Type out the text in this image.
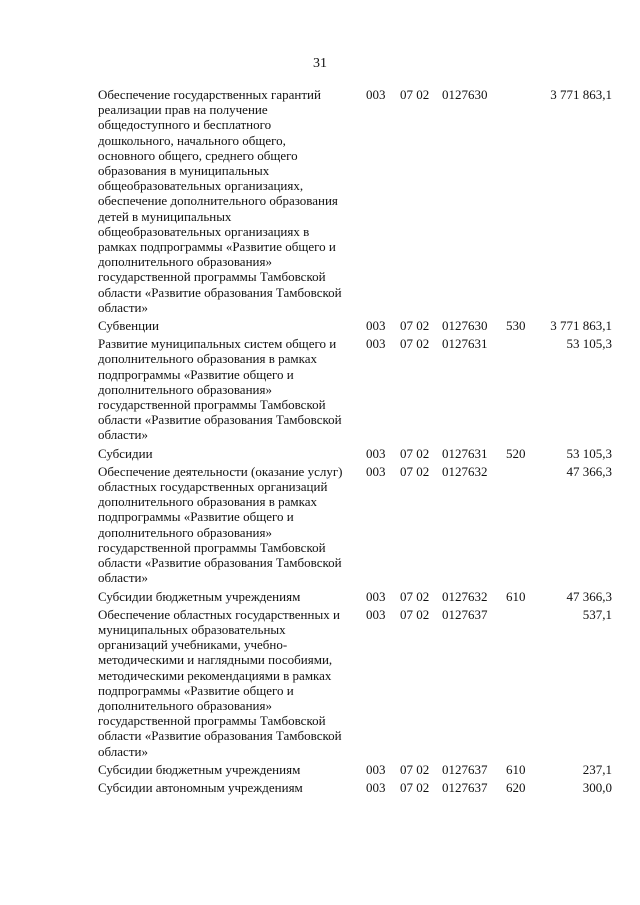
31
Обеспечение государственных гарантий
реализации прав на получение
общедоступного и бесплатного
дошкольного, начального общего,
основного общего, среднего общего
образования в муниципальных
общеобразовательных организациях,
обеспечение дополнительного образования
детей в муниципальных
общеобразовательных организациях в
рамках подпрограммы «Развитие общего и
дополнительного образования»
государственной программы Тамбовской
области «Развитие образования Тамбовской
области»
003 07 02 0127630	3 771 863,1
Субвенции	003 07 02 0127630 530	3 771 863,1
Развитие муниципальных систем общего и
дополнительного образования в рамках
подпрограммы «Развитие общего и
дополнительного образования»
государственной программы Тамбовской
области «Развитие образования Тамбовской
области»
003 07 02 0127631	53 105,3
Субсидии	003 07 02 0127631 520	53 105,3
Обеспечение деятельности (оказание услуг)
областных государственных организаций
дополнительного образования в рамках
подпрограммы «Развитие общего и
дополнительного образования»
государственной программы Тамбовской
области «Развитие образования Тамбовской
области»
003 07 02 0127632	47 366,3
Субсидии бюджетным учреждениям	003 07 02 0127632 610	47 366,3
Обеспечение областных государственных и
муниципальных образовательных
организаций учебниками, учебно-
методическими и наглядными пособиями,
методическими рекомендациями в рамках
подпрограммы «Развитие общего и
дополнительного образования»
государственной программы Тамбовской
области «Развитие образования Тамбовской
области»
003 07 02 0127637	537,1
Субсидии бюджетным учреждениям	003 07 02 0127637 610	237,1
Субсидии автономным учреждениям	003 07 02 0127637 620	300,0
